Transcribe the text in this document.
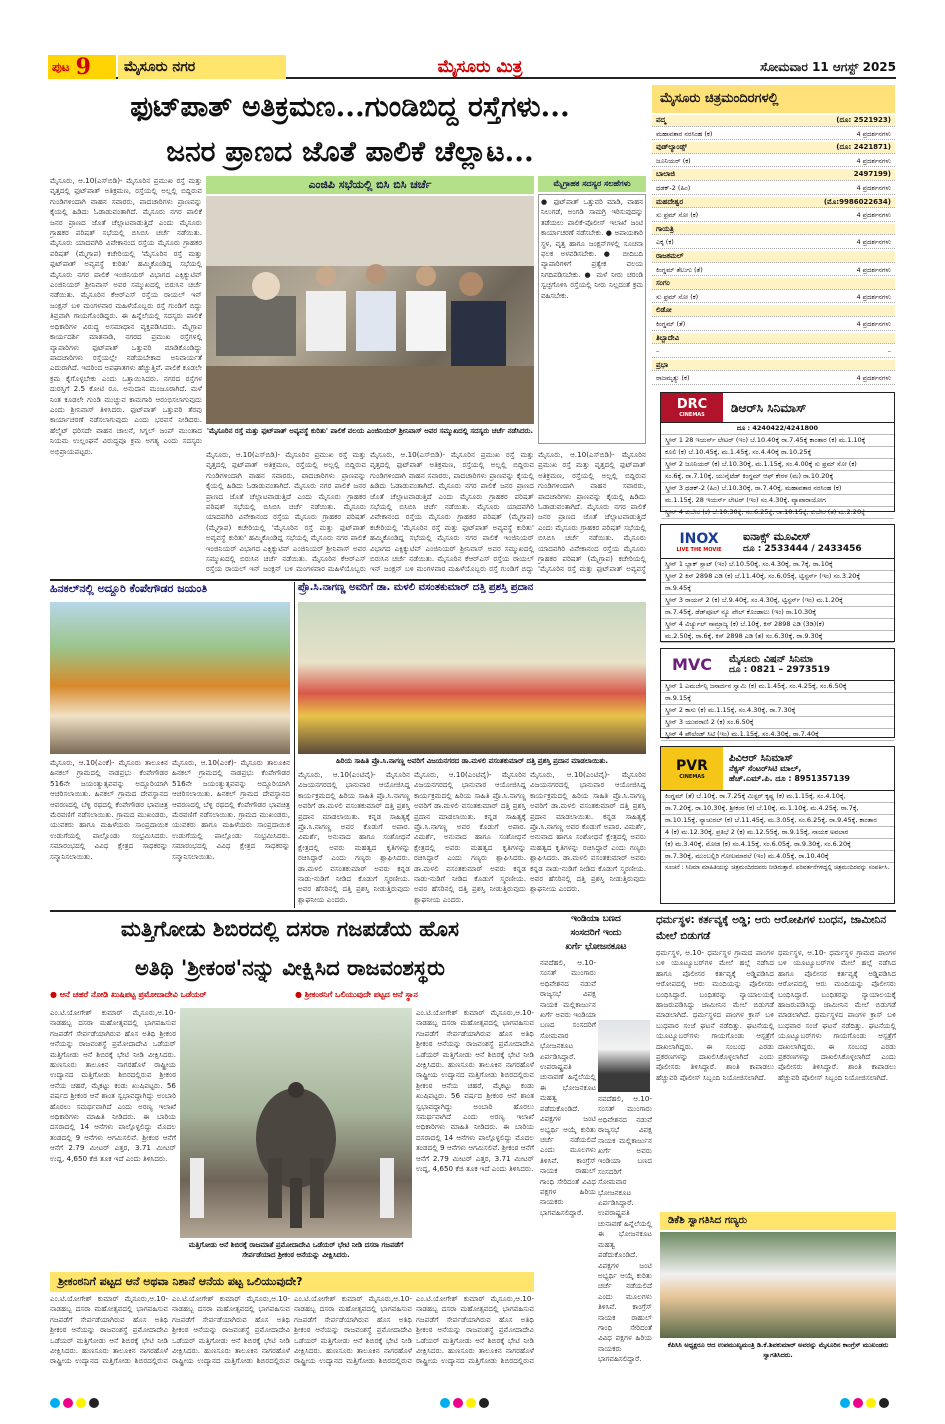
ಪುಟ 9	ಮೈಸೂರು ನಗರ	ಮೈಸೂರು ಮಿತ್ರ	ಸೋಮವಾರ 11 ಆಗಸ್ಟ್ 2025
ಫುಟ್‌ಪಾತ್ ಅತಿಕ್ರಮಣ...ಗುಂಡಿಬಿದ್ದ ರಸ್ತೆಗಳು...
ಜನರ ಪ್ರಾಣದ ಜೊತೆ ಪಾಲಿಕೆ ಚೆಲ್ಲಾಟ...
ಮೈಸೂರು, ಆ.10(ಎಸ್‌ಬಿಡಿ)- ಮೈಸೂರಿನ ಪ್ರಮುಖ ರಸ್ತೆ ಮತ್ತು ವೃತ್ತದಲ್ಲಿ ಫುಟ್‌ಪಾತ್ ಅತಿಕ್ರಮಣ, ರಸ್ತೆಯಲ್ಲಿ ಅಲ್ಲಲ್ಲಿ ಬಿದ್ದಿರುವ ಗುಂಡಿಗಳಿಂದಾಗಿ ವಾಹನ ಸವಾರರು, ಪಾದಚಾರಿಗಳು ಪ್ರಾಣವನ್ನು ಕೈಯಲ್ಲಿ ಹಿಡಿದು ಓಡಾಡುವಂತಾಗಿದೆ. ಮೈಸೂರು ನಗರ ಪಾಲಿಕೆ ಜನರ ಪ್ರಾಣದ ಜೊತೆ ಚೆಲ್ಲಾಟವಾಡುತ್ತಿದೆ ಎಂದು ಮೈಸೂರು ಗ್ರಾಹಕರ ಪರಿಷತ್ ಸಭೆಯಲ್ಲಿ ಬಿಸಿಬಿಸಿ ಚರ್ಚೆ ನಡೆಯಿತು. ಮೈಸೂರು ಯಾದವಗಿರಿ ವಿವೇಕಾನಂದ ರಸ್ತೆಯ ಮೈಸೂರು ಗ್ರಾಹಕರ ಪರಿಷತ್ (ಮೈಗ್ರಾಪ) ಕಚೇರಿಯಲ್ಲಿ 'ಮೈಸೂರಿನ ರಸ್ತೆ ಮತ್ತು ಫುಟ್‌ಪಾತ್ ಅವ್ಯವಸ್ಥೆ ಕುರಿತು' ಹಮ್ಮಿಕೊಂಡಿದ್ದ ಸಭೆಯಲ್ಲಿ ಮೈಸೂರು ನಗರ ಪಾಲಿಕೆ ಇಂಜಿನಿಯರ್ ವಿಭಾಗದ ಎಕ್ಸಿಕ್ಯುಟಿವ್ ಎಂಜಿನಿಯರ್ ಶ್ರೀನಿವಾಸ್ ಅವರ ಸಮ್ಮುಖದಲ್ಲಿ ಬಿರುಸಿನ ಚರ್ಚೆ ನಡೆಯಿತು. ಮೈಸೂರಿನ ಕೆಆರ್‌ಎಸ್ ರಸ್ತೆಯ ರಾಯಲ್ ಇನ್ ಜಂಕ್ಷನ್ ಬಳಿ ಮಂಗಳವಾರ ಮಹಿಳೆಯೊಬ್ಬರು ರಸ್ತೆ ಗುಂಡಿಗೆ ಬಿದ್ದು ತಿವ್ರವಾಗಿ ಗಾಯಗೊಂಡಿದ್ದರು. ಈ ಹಿನ್ನೆಲೆಯಲ್ಲಿ ಸದಸ್ಯರು ಪಾಲಿಕೆ ಅಧಿಕಾರಿಗಳ ವಿರುದ್ಧ ಅಸಮಾಧಾನ ವ್ಯಕ್ತಪಡಿಸಿದರು. ಮೈಗ್ರಾಪ ಕಾರ್ಯದರ್ಶಿ ಮಾತನಾಡಿ, ನಗರದ ಪ್ರಮುಖ ರಸ್ತೆಗಳಲ್ಲಿ ವ್ಯಾಪಾರಿಗಳು ಫುಟ್‌ಪಾತ್ ಒತ್ತುವರಿ ಮಾಡಿಕೊಂಡಿದ್ದು ಪಾದಚಾರಿಗಳು ರಸ್ತೆಯಲ್ಲೇ ನಡೆಯಬೇಕಾದ ಅನಿವಾರ್ಯತೆ ಎದುರಾಗಿದೆ. ಇದರಿಂದ ಅಪಘಾತಗಳು ಹೆಚ್ಚುತ್ತಿವೆ. ಪಾಲಿಕೆ ಕೂಡಲೇ ಕ್ರಮ ಕೈಗೊಳ್ಳಬೇಕು ಎಂದು ಒತ್ತಾಯಿಸಿದರು. ನಗರದ ರಸ್ತೆಗಳ ದುರಸ್ತಿಗೆ 2.5 ಕೋಟಿ ರೂ. ಅನುದಾನ ಮಂಜೂರಾಗಿದೆ. ಮಳೆ ನಿಂತ ಕೂಡಲೇ ಗುಂಡಿ ಮುಚ್ಚುವ ಕಾಮಗಾರಿ ಆರಂಭಿಸಲಾಗುವುದು ಎಂದು ಶ್ರೀನಿವಾಸ್ ತಿಳಿಸಿದರು. ಫುಟ್‌ಪಾತ್ ಒತ್ತುವರಿ ತೆರವು ಕಾರ್ಯಾಚರಣೆ ನಡೆಸಲಾಗುವುದು ಎಂದು ಭರವಸೆ ನೀಡಿದರು. ಹೆಲ್ಮೆಟ್ ಧರಿಸದೇ ವಾಹನ ಚಾಲನೆ, ಸಿಗ್ನಲ್ ಜಂಪ್ ಮುಂತಾದ ನಿಯಮ ಉಲ್ಲಂಘನೆ ವಿರುದ್ಧವೂ ಕ್ರಮ ಅಗತ್ಯ ಎಂದು ಸದಸ್ಯರು ಅಭಿಪ್ರಾಯಪಟ್ಟರು.
ಎಂಜಿಪಿ ಸಭೆಯಲ್ಲಿ ಬಿಸಿ ಬಿಸಿ ಚರ್ಚೆ
'ಮೈಸೂರಿನ ರಸ್ತೆ ಮತ್ತು ಫುಟ್‌ಪಾತ್ ಅವ್ಯವಸ್ಥೆ ಕುರಿತು' ಪಾಲಿಕೆ ವಲಯ ಎಂಜಿನಿಯರ್ ಶ್ರೀನಿವಾಸ್ ಅವರ ಸಮ್ಮುಖದಲ್ಲಿ ಸದಸ್ಯರು ಚರ್ಚೆ ನಡೆಸಿದರು.
ಮೈಸೂರು, ಆ.10(ಎಸ್‌ಬಿಡಿ)- ಮೈಸೂರಿನ ಪ್ರಮುಖ ರಸ್ತೆ ಮತ್ತು ವೃತ್ತದಲ್ಲಿ ಫುಟ್‌ಪಾತ್ ಅತಿಕ್ರಮಣ, ರಸ್ತೆಯಲ್ಲಿ ಅಲ್ಲಲ್ಲಿ ಬಿದ್ದಿರುವ ಗುಂಡಿಗಳಿಂದಾಗಿ ವಾಹನ ಸವಾರರು, ಪಾದಚಾರಿಗಳು ಪ್ರಾಣವನ್ನು ಕೈಯಲ್ಲಿ ಹಿಡಿದು ಓಡಾಡುವಂತಾಗಿದೆ. ಮೈಸೂರು ನಗರ ಪಾಲಿಕೆ ಜನರ ಪ್ರಾಣದ ಜೊತೆ ಚೆಲ್ಲಾಟವಾಡುತ್ತಿದೆ ಎಂದು ಮೈಸೂರು ಗ್ರಾಹಕರ ಪರಿಷತ್ ಸಭೆಯಲ್ಲಿ ಬಿಸಿಬಿಸಿ ಚರ್ಚೆ ನಡೆಯಿತು. ಮೈಸೂರು ಯಾದವಗಿರಿ ವಿವೇಕಾನಂದ ರಸ್ತೆಯ ಮೈಸೂರು ಗ್ರಾಹಕರ ಪರಿಷತ್ (ಮೈಗ್ರಾಪ) ಕಚೇರಿಯಲ್ಲಿ 'ಮೈಸೂರಿನ ರಸ್ತೆ ಮತ್ತು ಫುಟ್‌ಪಾತ್ ಅವ್ಯವಸ್ಥೆ ಕುರಿತು' ಹಮ್ಮಿಕೊಂಡಿದ್ದ ಸಭೆಯಲ್ಲಿ ಮೈಸೂರು ನಗರ ಪಾಲಿಕೆ ಇಂಜಿನಿಯರ್ ವಿಭಾಗದ ಎಕ್ಸಿಕ್ಯುಟಿವ್ ಎಂಜಿನಿಯರ್ ಶ್ರೀನಿವಾಸ್ ಅವರ ಸಮ್ಮುಖದಲ್ಲಿ ಬಿರುಸಿನ ಚರ್ಚೆ ನಡೆಯಿತು. ಮೈಸೂರಿನ ಕೆಆರ್‌ಎಸ್ ರಸ್ತೆಯ ರಾಯಲ್ ಇನ್ ಜಂಕ್ಷನ್ ಬಳಿ ಮಂಗಳವಾರ ಮಹಿಳೆಯೊಬ್ಬರು
ಮೈಸೂರು, ಆ.10(ಎಸ್‌ಬಿಡಿ)- ಮೈಸೂರಿನ ಪ್ರಮುಖ ರಸ್ತೆ ಮತ್ತು ವೃತ್ತದಲ್ಲಿ ಫುಟ್‌ಪಾತ್ ಅತಿಕ್ರಮಣ, ರಸ್ತೆಯಲ್ಲಿ ಅಲ್ಲಲ್ಲಿ ಬಿದ್ದಿರುವ ಗುಂಡಿಗಳಿಂದಾಗಿ ವಾಹನ ಸವಾರರು, ಪಾದಚಾರಿಗಳು ಪ್ರಾಣವನ್ನು ಕೈಯಲ್ಲಿ ಹಿಡಿದು ಓಡಾಡುವಂತಾಗಿದೆ. ಮೈಸೂರು ನಗರ ಪಾಲಿಕೆ ಜನರ ಪ್ರಾಣದ ಜೊತೆ ಚೆಲ್ಲಾಟವಾಡುತ್ತಿದೆ ಎಂದು ಮೈಸೂರು ಗ್ರಾಹಕರ ಪರಿಷತ್ ಸಭೆಯಲ್ಲಿ ಬಿಸಿಬಿಸಿ ಚರ್ಚೆ ನಡೆಯಿತು. ಮೈಸೂರು ಯಾದವಗಿರಿ ವಿವೇಕಾನಂದ ರಸ್ತೆಯ ಮೈಸೂರು ಗ್ರಾಹಕರ ಪರಿಷತ್ (ಮೈಗ್ರಾಪ) ಕಚೇರಿಯಲ್ಲಿ 'ಮೈಸೂರಿನ ರಸ್ತೆ ಮತ್ತು ಫುಟ್‌ಪಾತ್ ಅವ್ಯವಸ್ಥೆ ಕುರಿತು' ಹಮ್ಮಿಕೊಂಡಿದ್ದ ಸಭೆಯಲ್ಲಿ ಮೈಸೂರು ನಗರ ಪಾಲಿಕೆ ಇಂಜಿನಿಯರ್ ವಿಭಾಗದ ಎಕ್ಸಿಕ್ಯುಟಿವ್ ಎಂಜಿನಿಯರ್ ಶ್ರೀನಿವಾಸ್ ಅವರ ಸಮ್ಮುಖದಲ್ಲಿ ಬಿರುಸಿನ ಚರ್ಚೆ ನಡೆಯಿತು. ಮೈಸೂರಿನ ಕೆಆರ್‌ಎಸ್ ರಸ್ತೆಯ ರಾಯಲ್ ಇನ್ ಜಂಕ್ಷನ್ ಬಳಿ ಮಂಗಳವಾರ ಮಹಿಳೆಯೊಬ್ಬರು ರಸ್ತೆ ಗುಂಡಿಗೆ ಬಿದ್ದು
ಮೈಗ್ರಾಹಕ ಸದಸ್ಯರ ಸಲಹೆಗಳು
● ಫುಟ್‌ಪಾತ್ ಒತ್ತುವರಿ ಮಾಡಿ, ವಾಹನ ನಿಲುಗಡೆ, ಅಂಗಡಿ ಸಾಮಗ್ರಿ ಇರಿಸುವುದನ್ನು ತಡೆಯಲು ಪಾಲಿಕೆ-ಪೊಲೀಸ್ ಇಲಾಖೆ ಜಂಟಿ ಕಾರ್ಯಾಚರಣೆ ನಡೆಸಬೇಕು. ● ಅಪಾಯಕಾರಿ ಸ್ಥಳ, ವೃತ್ತ ಹಾಗೂ ಜಂಕ್ಷನ್‌ಗಳಲ್ಲಿ ಸೂಚನಾ ಫಲಕ ಅಳವಡಿಸಬೇಕು. ● ಬೀದಿಬದಿ ವ್ಯಾಪಾರಿಗಳಿಗೆ ಪ್ರತ್ಯೇಕ ವಲಯ ನಿಗದಿಪಡಿಸಬೇಕು. ● ಮಳೆ ನೀರು ಚರಂಡಿ ಸ್ವಚ್ಛಗೊಳಿಸಿ ರಸ್ತೆಯಲ್ಲಿ ನೀರು ನಿಲ್ಲದಂತೆ ಕ್ರಮ ವಹಿಸಬೇಕು.
ಮೈಸೂರು, ಆ.10(ಎಸ್‌ಬಿಡಿ)- ಮೈಸೂರಿನ ಪ್ರಮುಖ ರಸ್ತೆ ಮತ್ತು ವೃತ್ತದಲ್ಲಿ ಫುಟ್‌ಪಾತ್ ಅತಿಕ್ರಮಣ, ರಸ್ತೆಯಲ್ಲಿ ಅಲ್ಲಲ್ಲಿ ಬಿದ್ದಿರುವ ಗುಂಡಿಗಳಿಂದಾಗಿ ವಾಹನ ಸವಾರರು, ಪಾದಚಾರಿಗಳು ಪ್ರಾಣವನ್ನು ಕೈಯಲ್ಲಿ ಹಿಡಿದು ಓಡಾಡುವಂತಾಗಿದೆ. ಮೈಸೂರು ನಗರ ಪಾಲಿಕೆ ಜನರ ಪ್ರಾಣದ ಜೊತೆ ಚೆಲ್ಲಾಟವಾಡುತ್ತಿದೆ ಎಂದು ಮೈಸೂರು ಗ್ರಾಹಕರ ಪರಿಷತ್ ಸಭೆಯಲ್ಲಿ ಬಿಸಿಬಿಸಿ ಚರ್ಚೆ ನಡೆಯಿತು. ಮೈಸೂರು ಯಾದವಗಿರಿ ವಿವೇಕಾನಂದ ರಸ್ತೆಯ ಮೈಸೂರು ಗ್ರಾಹಕರ ಪರಿಷತ್ (ಮೈಗ್ರಾಪ) ಕಚೇರಿಯಲ್ಲಿ 'ಮೈಸೂರಿನ ರಸ್ತೆ ಮತ್ತು ಫುಟ್‌ಪಾತ್ ಅವ್ಯವಸ್ಥೆ
ಹಿನಕಲ್‌ನಲ್ಲಿ ಅದ್ದೂರಿ ಕೆಂಪೇಗೌಡರ ಜಯಂತಿ
ಮೈಸೂರು, ಆ.10(ಎಂಕೆ)- ಮೈಸೂರು ತಾಲೂಕಿನ ಹಿನಕಲ್ ಗ್ರಾಮದಲ್ಲಿ ನಾಡಪ್ರಭು ಕೆಂಪೇಗೌಡರ 516ನೇ ಜಯಂತ್ಯುತ್ಸವವನ್ನು ಅದ್ದೂರಿಯಾಗಿ ಆಚರಿಸಲಾಯಿತು. ಹಿನಕಲ್ ಗ್ರಾಮದ ದೇವಸ್ಥಾನದ ಆವರಣದಲ್ಲಿ ಬೆಳ್ಳಿ ರಥದಲ್ಲಿ ಕೆಂಪೇಗೌಡರ ಭಾವಚಿತ್ರ ಮೆರವಣಿಗೆ ನಡೆಸಲಾಯಿತು. ಗ್ರಾಮದ ಮುಖಂಡರು, ಯುವಕರು ಹಾಗೂ ಮಹಿಳೆಯರು ಸಾಂಪ್ರದಾಯಿಕ ಉಡುಗೆಯಲ್ಲಿ ಪಾಲ್ಗೊಂಡು ಸಂಭ್ರಮಿಸಿದರು. ಸಮಾರಂಭದಲ್ಲಿ ವಿವಿಧ ಕ್ಷೇತ್ರದ ಸಾಧಕರನ್ನು ಸನ್ಮಾನಿಸಲಾಯಿತು.
ಮೈಸೂರು, ಆ.10(ಎಂಕೆ)- ಮೈಸೂರು ತಾಲೂಕಿನ ಹಿನಕಲ್ ಗ್ರಾಮದಲ್ಲಿ ನಾಡಪ್ರಭು ಕೆಂಪೇಗೌಡರ 516ನೇ ಜಯಂತ್ಯುತ್ಸವವನ್ನು ಅದ್ದೂರಿಯಾಗಿ ಆಚರಿಸಲಾಯಿತು. ಹಿನಕಲ್ ಗ್ರಾಮದ ದೇವಸ್ಥಾನದ ಆವರಣದಲ್ಲಿ ಬೆಳ್ಳಿ ರಥದಲ್ಲಿ ಕೆಂಪೇಗೌಡರ ಭಾವಚಿತ್ರ ಮೆರವಣಿಗೆ ನಡೆಸಲಾಯಿತು. ಗ್ರಾಮದ ಮುಖಂಡರು, ಯುವಕರು ಹಾಗೂ ಮಹಿಳೆಯರು ಸಾಂಪ್ರದಾಯಿಕ ಉಡುಗೆಯಲ್ಲಿ ಪಾಲ್ಗೊಂಡು ಸಂಭ್ರಮಿಸಿದರು. ಸಮಾರಂಭದಲ್ಲಿ ವಿವಿಧ ಕ್ಷೇತ್ರದ ಸಾಧಕರನ್ನು ಸನ್ಮಾನಿಸಲಾಯಿತು.
ಪ್ರೊ.ಸಿ.ನಾಗಣ್ಣ ಅವರಿಗೆ ಡಾ. ಮಳಲಿ ವಸಂತಕುಮಾರ್ ದತ್ತಿ ಪ್ರಶಸ್ತಿ ಪ್ರದಾನ
ಹಿರಿಯ ಸಾಹಿತಿ ಪ್ರೊ.ಸಿ.ನಾಗಣ್ಣ ಅವರಿಗೆ ವಿಜಯನಗರದ ಡಾ.ಮಳಲಿ ವಸಂತಕುಮಾರ್ ದತ್ತಿ ಪ್ರಶಸ್ತಿ ಪ್ರದಾನ ಮಾಡಲಾಯಿತು.
ಮೈಸೂರು, ಆ.10(ಎಂಟಿವೈ)- ಮೈಸೂರಿನ ವಿಜಯನಗರದಲ್ಲಿ ಭಾನುವಾರ ಆಯೋಜಿಸಿದ್ದ ಕಾರ್ಯಕ್ರಮದಲ್ಲಿ ಹಿರಿಯ ಸಾಹಿತಿ ಪ್ರೊ.ಸಿ.ನಾಗಣ್ಣ ಅವರಿಗೆ ಡಾ.ಮಳಲಿ ವಸಂತಕುಮಾರ್ ದತ್ತಿ ಪ್ರಶಸ್ತಿ ಪ್ರದಾನ ಮಾಡಲಾಯಿತು. ಕನ್ನಡ ಸಾಹಿತ್ಯಕ್ಕೆ ಪ್ರೊ.ಸಿ.ನಾಗಣ್ಣ ಅವರ ಕೊಡುಗೆ ಅಪಾರ. ವಿಮರ್ಶೆ, ಅನುವಾದ ಹಾಗೂ ಸಂಶೋಧನೆ ಕ್ಷೇತ್ರದಲ್ಲಿ ಅವರು ಮಹತ್ವದ ಕೃತಿಗಳನ್ನು ರಚಿಸಿದ್ದಾರೆ ಎಂದು ಗಣ್ಯರು ಶ್ಲಾಘಿಸಿದರು. ಡಾ.ಮಳಲಿ ವಸಂತಕುಮಾರ್ ಅವರು ಕನ್ನಡ ನಾಡು-ನುಡಿಗೆ ನೀಡಿದ ಕೊಡುಗೆ ಸ್ಮರಣೀಯ. ಅವರ ಹೆಸರಿನಲ್ಲಿ ದತ್ತಿ ಪ್ರಶಸ್ತಿ ನೀಡುತ್ತಿರುವುದು ಶ್ಲಾಘನೀಯ ಎಂದರು.
ಮೈಸೂರು, ಆ.10(ಎಂಟಿವೈ)- ಮೈಸೂರಿನ ವಿಜಯನಗರದಲ್ಲಿ ಭಾನುವಾರ ಆಯೋಜಿಸಿದ್ದ ಕಾರ್ಯಕ್ರಮದಲ್ಲಿ ಹಿರಿಯ ಸಾಹಿತಿ ಪ್ರೊ.ಸಿ.ನಾಗಣ್ಣ ಅವರಿಗೆ ಡಾ.ಮಳಲಿ ವಸಂತಕುಮಾರ್ ದತ್ತಿ ಪ್ರಶಸ್ತಿ ಪ್ರದಾನ ಮಾಡಲಾಯಿತು. ಕನ್ನಡ ಸಾಹಿತ್ಯಕ್ಕೆ ಪ್ರೊ.ಸಿ.ನಾಗಣ್ಣ ಅವರ ಕೊಡುಗೆ ಅಪಾರ. ವಿಮರ್ಶೆ, ಅನುವಾದ ಹಾಗೂ ಸಂಶೋಧನೆ ಕ್ಷೇತ್ರದಲ್ಲಿ ಅವರು ಮಹತ್ವದ ಕೃತಿಗಳನ್ನು ರಚಿಸಿದ್ದಾರೆ ಎಂದು ಗಣ್ಯರು ಶ್ಲಾಘಿಸಿದರು. ಡಾ.ಮಳಲಿ ವಸಂತಕುಮಾರ್ ಅವರು ಕನ್ನಡ ನಾಡು-ನುಡಿಗೆ ನೀಡಿದ ಕೊಡುಗೆ ಸ್ಮರಣೀಯ. ಅವರ ಹೆಸರಿನಲ್ಲಿ ದತ್ತಿ ಪ್ರಶಸ್ತಿ ನೀಡುತ್ತಿರುವುದು ಶ್ಲಾಘನೀಯ ಎಂದರು.
ಮೈಸೂರು, ಆ.10(ಎಂಟಿವೈ)- ಮೈಸೂರಿನ ವಿಜಯನಗರದಲ್ಲಿ ಭಾನುವಾರ ಆಯೋಜಿಸಿದ್ದ ಕಾರ್ಯಕ್ರಮದಲ್ಲಿ ಹಿರಿಯ ಸಾಹಿತಿ ಪ್ರೊ.ಸಿ.ನಾಗಣ್ಣ ಅವರಿಗೆ ಡಾ.ಮಳಲಿ ವಸಂತಕುಮಾರ್ ದತ್ತಿ ಪ್ರಶಸ್ತಿ ಪ್ರದಾನ ಮಾಡಲಾಯಿತು. ಕನ್ನಡ ಸಾಹಿತ್ಯಕ್ಕೆ ಪ್ರೊ.ಸಿ.ನಾಗಣ್ಣ ಅವರ ಕೊಡುಗೆ ಅಪಾರ. ವಿಮರ್ಶೆ, ಅನುವಾದ ಹಾಗೂ ಸಂಶೋಧನೆ ಕ್ಷೇತ್ರದಲ್ಲಿ ಅವರು ಮಹತ್ವದ ಕೃತಿಗಳನ್ನು ರಚಿಸಿದ್ದಾರೆ ಎಂದು ಗಣ್ಯರು ಶ್ಲಾಘಿಸಿದರು. ಡಾ.ಮಳಲಿ ವಸಂತಕುಮಾರ್ ಅವರು ಕನ್ನಡ ನಾಡು-ನುಡಿಗೆ ನೀಡಿದ ಕೊಡುಗೆ ಸ್ಮರಣೀಯ. ಅವರ ಹೆಸರಿನಲ್ಲಿ ದತ್ತಿ ಪ್ರಶಸ್ತಿ ನೀಡುತ್ತಿರುವುದು ಶ್ಲಾಘನೀಯ ಎಂದರು.
ಮತ್ತಿಗೋಡು ಶಿಬಿರದಲ್ಲಿ ದಸರಾ ಗಜಪಡೆಯ ಹೊಸ
ಅತಿಥಿ 'ಶ್ರೀಕಂಠ'ನನ್ನು ವೀಕ್ಷಿಸಿದ ರಾಜವಂಶಸ್ಥರು
● ಆನೆ ಚಹರೆ ನೋಡಿ ಖುಷಿಪಟ್ಟ ಪ್ರಮೋದಾದೇವಿ ಒಡೆಯರ್	● ಶ್ರೀಕಂಠನಿಗೆ ಒಲಿಯುವುದೇ ಪಟ್ಟದ ಆನೆ ಸ್ಥಾನ
ಎಂ.ಟಿ.ಯೋಗೇಶ್ ಕುಮಾರ್ ಮೈಸೂರು,ಆ.10- ನಾಡಹಬ್ಬ ದಸರಾ ಮಹೋತ್ಸವದಲ್ಲಿ ಭಾಗವಹಿಸುವ ಗಜಪಡೆಗೆ ಸೇರ್ಪಡೆಯಾಗಿರುವ ಹೊಸ ಅತಿಥಿ ಶ್ರೀಕಂಠ ಆನೆಯನ್ನು ರಾಜವಂಶಸ್ಥೆ ಪ್ರಮೋದಾದೇವಿ ಒಡೆಯರ್ ಮತ್ತಿಗೋಡು ಆನೆ ಶಿಬಿರಕ್ಕೆ ಭೇಟಿ ನೀಡಿ ವೀಕ್ಷಿಸಿದರು. ಹುಣಸೂರು ತಾಲೂಕಿನ ನಾಗರಹೊಳೆ ರಾಷ್ಟ್ರೀಯ ಉದ್ಯಾನದ ಮತ್ತಿಗೋಡು ಶಿಬಿರದಲ್ಲಿರುವ ಶ್ರೀಕಂಠ ಆನೆಯ ಚಹರೆ, ಮೈಕಟ್ಟು ಕಂಡು ಖುಷಿಪಟ್ಟರು. 56 ವರ್ಷದ ಶ್ರೀಕಂಠ ಆನೆ ಶಾಂತ ಸ್ವಭಾವದ್ದಾಗಿದ್ದು ಅಂಬಾರಿ ಹೊರಲು ಸಮರ್ಥವಾಗಿದೆ ಎಂದು ಅರಣ್ಯ ಇಲಾಖೆ ಅಧಿಕಾರಿಗಳು ಮಾಹಿತಿ ನೀಡಿದರು. ಈ ಬಾರಿಯ ದಸರಾದಲ್ಲಿ 14 ಆನೆಗಳು ಪಾಲ್ಗೊಳ್ಳಲಿದ್ದು ಮೊದಲ ತಂಡದಲ್ಲಿ 9 ಆನೆಗಳು ಆಗಮಿಸಲಿವೆ. ಶ್ರೀಕಂಠ ಆನೆಗೆ ಆನೆಗೆ 2.79 ಮೀಟರ್ ಎತ್ತರ, 3.71 ಮೀಟರ್ ಉದ್ದ, 4,650 ಕೆಜಿ ತೂಕ ಇದೆ ಎಂದು ತಿಳಿಸಿದರು.
ಮತ್ತಿಗೋಡು ಆನೆ ಶಿಬಿರಕ್ಕೆ ರಾಜಮಾತೆ ಪ್ರಮೋದಾದೇವಿ ಒಡೆಯರ್ ಭೇಟಿ ನೀಡಿ ದಸರಾ ಗಜಪಡೆಗೆ ಸೇರ್ಪಡೆಯಾದ ಶ್ರೀಕಂಠ ಆನೆಯನ್ನು ವೀಕ್ಷಿಸಿದರು.
ಎಂ.ಟಿ.ಯೋಗೇಶ್ ಕುಮಾರ್ ಮೈಸೂರು,ಆ.10- ನಾಡಹಬ್ಬ ದಸರಾ ಮಹೋತ್ಸವದಲ್ಲಿ ಭಾಗವಹಿಸುವ ಗಜಪಡೆಗೆ ಸೇರ್ಪಡೆಯಾಗಿರುವ ಹೊಸ ಅತಿಥಿ ಶ್ರೀಕಂಠ ಆನೆಯನ್ನು ರಾಜವಂಶಸ್ಥೆ ಪ್ರಮೋದಾದೇವಿ ಒಡೆಯರ್ ಮತ್ತಿಗೋಡು ಆನೆ ಶಿಬಿರಕ್ಕೆ ಭೇಟಿ ನೀಡಿ ವೀಕ್ಷಿಸಿದರು. ಹುಣಸೂರು ತಾಲೂಕಿನ ನಾಗರಹೊಳೆ ರಾಷ್ಟ್ರೀಯ ಉದ್ಯಾನದ ಮತ್ತಿಗೋಡು ಶಿಬಿರದಲ್ಲಿರುವ ಶ್ರೀಕಂಠ ಆನೆಯ ಚಹರೆ, ಮೈಕಟ್ಟು ಕಂಡು ಖುಷಿಪಟ್ಟರು. 56 ವರ್ಷದ ಶ್ರೀಕಂಠ ಆನೆ ಶಾಂತ ಸ್ವಭಾವದ್ದಾಗಿದ್ದು ಅಂಬಾರಿ ಹೊರಲು ಸಮರ್ಥವಾಗಿದೆ ಎಂದು ಅರಣ್ಯ ಇಲಾಖೆ ಅಧಿಕಾರಿಗಳು ಮಾಹಿತಿ ನೀಡಿದರು. ಈ ಬಾರಿಯ ದಸರಾದಲ್ಲಿ 14 ಆನೆಗಳು ಪಾಲ್ಗೊಳ್ಳಲಿದ್ದು ಮೊದಲ ತಂಡದಲ್ಲಿ 9 ಆನೆಗಳು ಆಗಮಿಸಲಿವೆ. ಶ್ರೀಕಂಠ ಆನೆಗೆ ಆನೆಗೆ 2.79 ಮೀಟರ್ ಎತ್ತರ, 3.71 ಮೀಟರ್ ಉದ್ದ, 4,650 ಕೆಜಿ ತೂಕ ಇದೆ ಎಂದು ತಿಳಿಸಿದರು.
ಶ್ರೀಕಂಠನಿಗೆ ಪಟ್ಟದ ಆನೆ ಅಥವಾ ನಿಶಾನೆ ಆನೆಯ ಪಟ್ಟ ಒಲಿಯುವುದೇ?
ಎಂ.ಟಿ.ಯೋಗೇಶ್ ಕುಮಾರ್ ಮೈಸೂರು,ಆ.10- ನಾಡಹಬ್ಬ ದಸರಾ ಮಹೋತ್ಸವದಲ್ಲಿ ಭಾಗವಹಿಸುವ ಗಜಪಡೆಗೆ ಸೇರ್ಪಡೆಯಾಗಿರುವ ಹೊಸ ಅತಿಥಿ ಶ್ರೀಕಂಠ ಆನೆಯನ್ನು ರಾಜವಂಶಸ್ಥೆ ಪ್ರಮೋದಾದೇವಿ ಒಡೆಯರ್ ಮತ್ತಿಗೋಡು ಆನೆ ಶಿಬಿರಕ್ಕೆ ಭೇಟಿ ನೀಡಿ ವೀಕ್ಷಿಸಿದರು. ಹುಣಸೂರು ತಾಲೂಕಿನ ನಾಗರಹೊಳೆ ರಾಷ್ಟ್ರೀಯ ಉದ್ಯಾನದ ಮತ್ತಿಗೋಡು ಶಿಬಿರದಲ್ಲಿರುವ
ಎಂ.ಟಿ.ಯೋಗೇಶ್ ಕುಮಾರ್ ಮೈಸೂರು,ಆ.10- ನಾಡಹಬ್ಬ ದಸರಾ ಮಹೋತ್ಸವದಲ್ಲಿ ಭಾಗವಹಿಸುವ ಗಜಪಡೆಗೆ ಸೇರ್ಪಡೆಯಾಗಿರುವ ಹೊಸ ಅತಿಥಿ ಶ್ರೀಕಂಠ ಆನೆಯನ್ನು ರಾಜವಂಶಸ್ಥೆ ಪ್ರಮೋದಾದೇವಿ ಒಡೆಯರ್ ಮತ್ತಿಗೋಡು ಆನೆ ಶಿಬಿರಕ್ಕೆ ಭೇಟಿ ನೀಡಿ ವೀಕ್ಷಿಸಿದರು. ಹುಣಸೂರು ತಾಲೂಕಿನ ನಾಗರಹೊಳೆ ರಾಷ್ಟ್ರೀಯ ಉದ್ಯಾನದ ಮತ್ತಿಗೋಡು ಶಿಬಿರದಲ್ಲಿರುವ
ಎಂ.ಟಿ.ಯೋಗೇಶ್ ಕುಮಾರ್ ಮೈಸೂರು,ಆ.10- ನಾಡಹಬ್ಬ ದಸರಾ ಮಹೋತ್ಸವದಲ್ಲಿ ಭಾಗವಹಿಸುವ ಗಜಪಡೆಗೆ ಸೇರ್ಪಡೆಯಾಗಿರುವ ಹೊಸ ಅತಿಥಿ ಶ್ರೀಕಂಠ ಆನೆಯನ್ನು ರಾಜವಂಶಸ್ಥೆ ಪ್ರಮೋದಾದೇವಿ ಒಡೆಯರ್ ಮತ್ತಿಗೋಡು ಆನೆ ಶಿಬಿರಕ್ಕೆ ಭೇಟಿ ನೀಡಿ ವೀಕ್ಷಿಸಿದರು. ಹುಣಸೂರು ತಾಲೂಕಿನ ನಾಗರಹೊಳೆ ರಾಷ್ಟ್ರೀಯ ಉದ್ಯಾನದ ಮತ್ತಿಗೋಡು ಶಿಬಿರದಲ್ಲಿರುವ
ಎಂ.ಟಿ.ಯೋಗೇಶ್ ಕುಮಾರ್ ಮೈಸೂರು,ಆ.10- ನಾಡಹಬ್ಬ ದಸರಾ ಮಹೋತ್ಸವದಲ್ಲಿ ಭಾಗವಹಿಸುವ ಗಜಪಡೆಗೆ ಸೇರ್ಪಡೆಯಾಗಿರುವ ಹೊಸ ಅತಿಥಿ ಶ್ರೀಕಂಠ ಆನೆಯನ್ನು ರಾಜವಂಶಸ್ಥೆ ಪ್ರಮೋದಾದೇವಿ ಒಡೆಯರ್ ಮತ್ತಿಗೋಡು ಆನೆ ಶಿಬಿರಕ್ಕೆ ಭೇಟಿ ನೀಡಿ ವೀಕ್ಷಿಸಿದರು. ಹುಣಸೂರು ತಾಲೂಕಿನ ನಾಗರಹೊಳೆ ರಾಷ್ಟ್ರೀಯ ಉದ್ಯಾನದ ಮತ್ತಿಗೋಡು ಶಿಬಿರದಲ್ಲಿರುವ
ಇಂಡಿಯಾ ಬಣದ
ಸಂಸದರಿಗೆ ಇಂದು
ಖರ್ಗೆ ಭೋಜನಕೂಟ
ನವದೆಹಲಿ, ಆ.10- ಸಂಸತ್ ಮುಂಗಾರು ಅಧಿವೇಶನದ ನಡುವೆ ರಾಜ್ಯಸಭೆ ವಿಪಕ್ಷ ನಾಯಕ ಮಲ್ಲಿಕಾರ್ಜುನ ಖರ್ಗೆ ಅವರು ಇಂಡಿಯಾ ಬಣದ ಸಂಸದರಿಗೆ ಸೋಮವಾರ ಭೋಜನಕೂಟ ಏರ್ಪಡಿಸಿದ್ದಾರೆ. ಉಪರಾಷ್ಟ್ರಪತಿ ಚುನಾವಣೆ ಹಿನ್ನೆಲೆಯಲ್ಲಿ ಈ ಭೋಜನಕೂಟ ಮಹತ್ವ ಪಡೆದುಕೊಂಡಿದೆ. ವಿಪಕ್ಷಗಳ ಜಂಟಿ ಅಭ್ಯರ್ಥಿ ಆಯ್ಕೆ ಕುರಿತು ಚರ್ಚೆ ನಡೆಯಲಿದೆ ಎಂದು ಮೂಲಗಳು ತಿಳಿಸಿವೆ. ಕಾಂಗ್ರೆಸ್ ನಾಯಕ ರಾಹುಲ್ ಗಾಂಧಿ ಸೇರಿದಂತೆ ವಿವಿಧ ಪಕ್ಷಗಳ ಹಿರಿಯ ನಾಯಕರು ಭಾಗವಹಿಸಲಿದ್ದಾರೆ.
ನವದೆಹಲಿ, ಆ.10- ಸಂಸತ್ ಮುಂಗಾರು ಅಧಿವೇಶನದ ನಡುವೆ ರಾಜ್ಯಸಭೆ ವಿಪಕ್ಷ ನಾಯಕ ಮಲ್ಲಿಕಾರ್ಜುನ ಖರ್ಗೆ ಅವರು ಇಂಡಿಯಾ ಬಣದ ಸಂಸದರಿಗೆ ಸೋಮವಾರ ಭೋಜನಕೂಟ ಏರ್ಪಡಿಸಿದ್ದಾರೆ. ಉಪರಾಷ್ಟ್ರಪತಿ ಚುನಾವಣೆ ಹಿನ್ನೆಲೆಯಲ್ಲಿ ಈ ಭೋಜನಕೂಟ ಮಹತ್ವ ಪಡೆದುಕೊಂಡಿದೆ. ವಿಪಕ್ಷಗಳ ಜಂಟಿ ಅಭ್ಯರ್ಥಿ ಆಯ್ಕೆ ಕುರಿತು ಚರ್ಚೆ ನಡೆಯಲಿದೆ ಎಂದು ಮೂಲಗಳು ತಿಳಿಸಿವೆ. ಕಾಂಗ್ರೆಸ್ ನಾಯಕ ರಾಹುಲ್ ಗಾಂಧಿ ಸೇರಿದಂತೆ ವಿವಿಧ ಪಕ್ಷಗಳ ಹಿರಿಯ ನಾಯಕರು ಭಾಗವಹಿಸಲಿದ್ದಾರೆ.
ಧರ್ಮಸ್ಥಳ: ಕರ್ತವ್ಯಕ್ಕೆ ಅಡ್ಡಿ; ಆರು ಆರೋಪಿಗಳ ಬಂಧನ, ಜಾಮೀನಿನ ಮೇಲೆ ಬಿಡುಗಡೆ
ಧರ್ಮಸ್ಥಳ, ಆ.10- ಧರ್ಮಸ್ಥಳ ಗ್ರಾಮದ ಪಾಂಗಳ ಬಳಿ ಯೂಟ್ಯೂಬರ್‌ಗಳ ಮೇಲೆ ಹಲ್ಲೆ ನಡೆಸಿದ ಹಾಗೂ ಪೊಲೀಸರ ಕರ್ತವ್ಯಕ್ಕೆ ಅಡ್ಡಿಪಡಿಸಿದ ಆರೋಪದಲ್ಲಿ ಆರು ಮಂದಿಯನ್ನು ಪೊಲೀಸರು ಬಂಧಿಸಿದ್ದಾರೆ. ಬಂಧಿತರನ್ನು ನ್ಯಾಯಾಲಯಕ್ಕೆ ಹಾಜರುಪಡಿಸಿದ್ದು ಜಾಮೀನಿನ ಮೇಲೆ ಬಿಡುಗಡೆ ಮಾಡಲಾಗಿದೆ. ಧರ್ಮಸ್ಥಳದ ಪಾಂಗಳ ಕ್ರಾಸ್ ಬಳಿ ಬುಧವಾರ ಸಂಜೆ ಘಟನೆ ನಡೆದಿತ್ತು. ಘಟನೆಯಲ್ಲಿ ಯೂಟ್ಯೂಬರ್‌ಗಳು ಗಾಯಗೊಂಡು ಆಸ್ಪತ್ರೆಗೆ ದಾಖಲಾಗಿದ್ದರು. ಈ ಸಂಬಂಧ ಎರಡು ಪ್ರಕರಣಗಳನ್ನು ದಾಖಲಿಸಿಕೊಳ್ಳಲಾಗಿದೆ ಎಂದು ಪೊಲೀಸರು ತಿಳಿಸಿದ್ದಾರೆ. ಶಾಂತಿ ಕಾಪಾಡಲು ಹೆಚ್ಚುವರಿ ಪೊಲೀಸ್ ಸಿಬ್ಬಂದಿ ನಿಯೋಜಿಸಲಾಗಿದೆ.
ಧರ್ಮಸ್ಥಳ, ಆ.10- ಧರ್ಮಸ್ಥಳ ಗ್ರಾಮದ ಪಾಂಗಳ ಬಳಿ ಯೂಟ್ಯೂಬರ್‌ಗಳ ಮೇಲೆ ಹಲ್ಲೆ ನಡೆಸಿದ ಹಾಗೂ ಪೊಲೀಸರ ಕರ್ತವ್ಯಕ್ಕೆ ಅಡ್ಡಿಪಡಿಸಿದ ಆರೋಪದಲ್ಲಿ ಆರು ಮಂದಿಯನ್ನು ಪೊಲೀಸರು ಬಂಧಿಸಿದ್ದಾರೆ. ಬಂಧಿತರನ್ನು ನ್ಯಾಯಾಲಯಕ್ಕೆ ಹಾಜರುಪಡಿಸಿದ್ದು ಜಾಮೀನಿನ ಮೇಲೆ ಬಿಡುಗಡೆ ಮಾಡಲಾಗಿದೆ. ಧರ್ಮಸ್ಥಳದ ಪಾಂಗಳ ಕ್ರಾಸ್ ಬಳಿ ಬುಧವಾರ ಸಂಜೆ ಘಟನೆ ನಡೆದಿತ್ತು. ಘಟನೆಯಲ್ಲಿ ಯೂಟ್ಯೂಬರ್‌ಗಳು ಗಾಯಗೊಂಡು ಆಸ್ಪತ್ರೆಗೆ ದಾಖಲಾಗಿದ್ದರು. ಈ ಸಂಬಂಧ ಎರಡು ಪ್ರಕರಣಗಳನ್ನು ದಾಖಲಿಸಿಕೊಳ್ಳಲಾಗಿದೆ ಎಂದು ಪೊಲೀಸರು ತಿಳಿಸಿದ್ದಾರೆ. ಶಾಂತಿ ಕಾಪಾಡಲು ಹೆಚ್ಚುವರಿ ಪೊಲೀಸ್ ಸಿಬ್ಬಂದಿ ನಿಯೋಜಿಸಲಾಗಿದೆ.
ಡಿಕೆಶಿ ಸ್ವಾಗತಿಸಿದ ಗಣ್ಯರು
ಕೆಪಿಸಿಸಿ ಅಧ್ಯಕ್ಷರೂ ಆದ ಉಪಮುಖ್ಯಮಂತ್ರಿ ಡಿ.ಕೆ.ಶಿವಕುಮಾರ್ ಅವರನ್ನು ಮೈಸೂರಿನ ಕಾಂಗ್ರೆಸ್ ಮುಖಂಡರು ಸ್ವಾಗತಿಸಿದರು.
ಮೈಸೂರು ಚಿತ್ರಮಂದಿರಗಳಲ್ಲಿ
ಪದ್ಮ	(ದೂ: 2521923)
ಮಹಾವತಾರ ನರಸಿಂಹ (ಕ)	4 ಪ್ರದರ್ಶನಗಳು
ವುಡ್‌ಲ್ಯಾಂಡ್ಸ್	(ದೂ: 2421871)
ಜೂನಿಯರ್ (ಕ)	4 ಪ್ರದರ್ಶನಗಳು
ಬಾಲಾಜಿ	2497199)
ಧಡಕ್-2 (ಹಿಂ)	4 ಪ್ರದರ್ಶನಗಳು
ಮಹದೇಶ್ವರ	(ಮೊ:9986022634)
ಸು ಫ್ರಮ್ ಸೋ (ಕ)	4 ಪ್ರದರ್ಶನಗಳು
ಗಾಯತ್ರಿ
ಎಕ್ಕ (ಕ)	4 ಪ್ರದರ್ಶನಗಳು
ರಾಜಕಮಲ್
ಕಿಂಗ್ಡಮ್ ತೆಲುಗು (ತೆ)	4 ಪ್ರದರ್ಶನಗಳು
ಸಂಗಂ
ಸು ಫ್ರಮ್ ಸೋ (ಕ)	4 ಪ್ರದರ್ಶನಗಳು
ಲಿಡೋ
ಕಿಂಗ್ಡಮ್ (ತೆ)	4 ಪ್ರದರ್ಶನಗಳು
ತಿಬ್ಬಾದೇವಿ
–	–
ಪ್ರಭಾ
ರಾಜಮೃತ್ಯು (ಕ)	4 ಪ್ರದರ್ಶನಗಳು
DRC
CINEMAS	ಡಿಆರ್‌ಸಿ ಸಿನಿಮಾಸ್
ದೂ : 4240422/4241800
ಸ್ಕ್ರೀನ್ 1 28 ಇಯರ್ಸ್ ಲೇಟರ್ (ಇಂ) ಬೆ.10.40ಕ್ಕೆ ರಾ.7.45ಕ್ಕೆ ಕಾಂತಾರ (ಕ) ಮ.1.10ಕ್ಕೆ
ಕೂಲಿ (ಕ) ಬೆ.10.45ಕ್ಕೆ, ಮ.1.45ಕ್ಕೆ, ಸಂ.4.40ಕ್ಕೆ ರಾ.10.25ಕ್ಕೆ
ಸ್ಕ್ರೀನ್ 2 ಜೂನಿಯರ್ (ಕ) ಬೆ.10.30ಕ್ಕೆ, ಮ.1.15ಕ್ಕೆ, ಸಂ.4.00ಕ್ಕೆ ಸು ಫ್ರಮ್ ಸೋ (ಕ)
ಸಂ.6ಕ್ಕೆ, ರಾ.7.10ಕ್ಕೆ, ಯುನೈಟೆಡ್ ಕಿಂಗ್ಡಮ್ ಆಫ್ ಕೇರಳ (ಮ) ರಾ.10.20ಕ್ಕೆ
ಸ್ಕ್ರೀನ್ 3 ಧಡಕ್-2 (ಹಿಂ) ಬೆ.10.30ಕ್ಕೆ, ರಾ.7.40ಕ್ಕೆ, ಮಹಾವತಾರ ನರಸಿಂಹ (ಕ)
ಮ.1.15ಕ್ಕೆ, 28 ಇಯರ್ಸ್ ಲೇಟರ್ (ಇಂ) ಸಂ.4.30ಕ್ಕೆ, ವ್ಯಾಪಾರಾಯೋಗ
ಸ್ಕ್ರೀನ್ 4 ಕುಬೇರ (ಕ) ಬೆ.10.30ಕ್ಕೆ, ಸಂ.6.25ಕ್ಕೆ, ರಾ.10.15ಕ್ಕೆ, ಕುಬೇರ (ತ) ಮ.2.20ಕ್ಕೆ
INOX
LIVE THE MOVIE
ಐನಾಕ್ಸ್ ಮೂವೀಸ್
ದೂ : 2533444 / 2433456
ಸ್ಕ್ರೀನ್ 1 ಬ್ಲಾಕ್ ಸ್ಲಾಟ್ (ಇಂ) ಬೆ.10.50ಕ್ಕೆ, ಸಂ.4.30ಕ್ಕೆ, ರಾ.7ಕ್ಕೆ, ರಾ.10ಕ್ಕೆ
ಸ್ಕ್ರೀನ್ 2 ಕಿಸ್ 2898 ಎಡಿ (ಕ) ಬೆ.11.40ಕ್ಕೆ, ಸಂ.6.05ಕ್ಕೆ, ಟ್ವಿಸ್ಟರ್ಸ್ (ಇಂ) ಸಂ.3.20ಕ್ಕೆ
ರಾ.9.45ಕ್ಕೆ
ಸ್ಕ್ರೀನ್ 3 ರಾಯನ್ 2 (ಕ) ಬೆ.9.40ಕ್ಕೆ, ಸಂ.4.30ಕ್ಕೆ, ಟ್ವಿಸ್ಟರ್ಸ್ (ಇಂ) ಮ.1.20ಕ್ಕೆ
ರಾ.7.45ಕ್ಕೆ, ಡೆಡ್‌ಪೂಲ್ ನ್ಯೂ ವೇಲ್ ಕೊಂಡಾಲು (ಇಂ) ರಾ.10.30ಕ್ಕೆ
ಸ್ಕ್ರೀನ್ 4 ವಿರ್ಚ್ಯುಲ್ ಸಾಮ್ರಾಜ್ಯ (ಕ) ಬೆ.10ಕ್ಕೆ, ಕಿಸ್ 2898 ಎಡಿ (3ಡಿ)(ಕ)
ಮ.2.50ಕ್ಕೆ, ರಾ.6ಕ್ಕೆ, ಕಿಸ್ 2898 ಎಡಿ (ತ) ಸಂ.6.30ಕ್ಕೆ, ರಾ.9.30ಕ್ಕೆ
MVC	ಮೈಸೂರು ವಿಷನ್ ಸಿನಿಮಾ
ದೂ : 0821 – 2973519
ಸ್ಕ್ರೀನ್ 1 ಎಮರ್ಜೆನ್ಸಿ ಜನಾರ್ದನ ಸ್ವಾಮಿ (ಕ) ಮ.1.45ಕ್ಕೆ, ಸಂ.4.25ಕ್ಕೆ, ಸಂ.6.50ಕ್ಕೆ
ರಾ.9.15ಕ್ಕೆ
ಸ್ಕ್ರೀನ್ 2 ಕಾಸು (ಕ) ಮ.1.15ಕ್ಕೆ, ಸಂ.4.30ಕ್ಕೆ, ರಾ.7.30ಕ್ಕೆ
ಸ್ಕ್ರೀನ್ 3 ಯುವರಾಣಿ 2 (ಕ) ಸಂ.6.50ಕ್ಕೆ
ಸ್ಕ್ರೀನ್ 4 ಪೌಲೆಂಡ್ ಸಿಟಿ (ಇಂ) ಮ.1.15ಕ್ಕೆ, ಸಂ.4.30ಕ್ಕೆ, ರಾ.7.40ಕ್ಕೆ
PVR
CINEMAS
ಪಿವಿಆರ್ ಸಿನಿಮಾಸ್
ನೆಕ್ಸಸ್ ಸೆಂಟರ್‌ಸಿಟಿ ಮಾಲ್,
ಹೆಚ್.ಎಮ್.ಪಿ. ದೂ : 8951357139
ಕಿಂಗ್ಡಮ್ (ತೆ) ಬೆ.10ಕ್ಕೆ, ರಾ.7.25ಕ್ಕೆ ಮಿಸ್ಟರ್ ಕೃಷ್ಣ (ಕ) ಮ.1.15ಕ್ಕೆ, ಸಂ.4.10ಕ್ಕೆ,
ರಾ.7.20ಕ್ಕೆ, ರಾ.10.30ಕ್ಕೆ, ಶ್ರೀಕಂಠ (ಕ) ಬೆ.10ಕ್ಕೆ, ಮ.1.10ಕ್ಕೆ, ಮ.4.25ಕ್ಕೆ, ರಾ.7ಕ್ಕೆ,
ರಾ.10.15ಕ್ಕೆ, ನ್ಯಾಚುರಲ್ (ಕ) ಬೆ.11.45ಕ್ಕೆ, ಮ.3.05ಕ್ಕೆ, ಸಂ.6.25ಕ್ಕೆ, ರಾ.9.45ಕ್ಕೆ, ಕಾಂತಾರ
4 (ಕ) ಮ.12.30ಕ್ಕೆ, ಪ್ರತಿಭೆ 2 (ಕ) ಮ.12.55ಕ್ಕೆ, ರಾ.9.15ಕ್ಕೆ, ನಾಯಕ ಅವಲಾರ
(ಕ) ಮ.3.40ಕ್ಕೆ, ಮೋಡ (ಕ) ಸಂ.4.15ಕ್ಕೆ, ಸಂ.6.05ಕ್ಕೆ, ರಾ.9.30ಕ್ಕೆ, ಸಂ.6.20ಕ್ಕೆ
ರಾ.7.30ಕ್ಕೆ, ಮುಂಬಲ್ಲಿರಿ ಗೋಲಮಾರಲೆ (ಇಂ) ಮ.4.05ಕ್ಕೆ, ರಾ.10.40ಕ್ಕೆ
ಸೂಚನೆ : ಸಿನಿಮಾ ಮಾಹಿತಿಯನ್ನು ಚಿತ್ರಮಂದಿರದವರು ನೀಡಿರುತ್ತಾರೆ. ಪರಿವರ್ತನೆಗಳಿದ್ದಲ್ಲಿ ಚಿತ್ರಮಂದಿರವನ್ನು ಸಂಪರ್ಕಿಸಿ.
